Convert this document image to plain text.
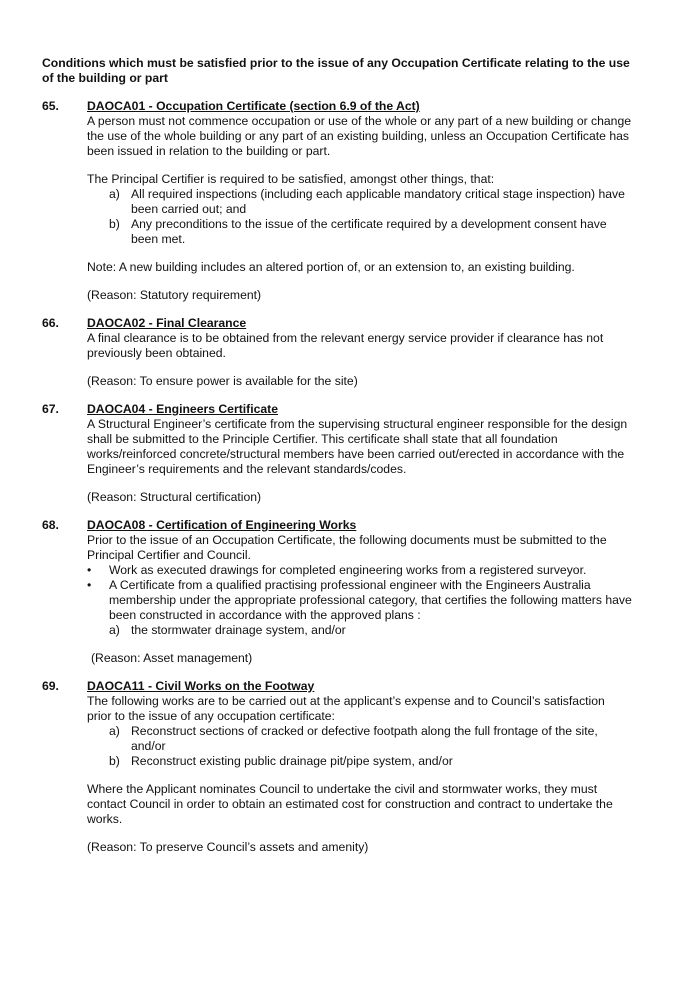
Conditions which must be satisfied prior to the issue of any Occupation Certificate relating to the use of the building or part

65. DAOCA01 - Occupation Certificate (section 6.9 of the Act)

A person must not commence occupation or use of the whole or any part of a new building or change the use of the whole building or any part of an existing building, unless an Occupation Certificate has been issued in relation to the building or part.

The Principal Certifier is required to be satisfied, amongst other things, that:

a) All required inspections (including each applicable mandatory critical stage inspection) have been carried out; and
b) Any preconditions to the issue of the certificate required by a development consent have been met.

Note: A new building includes an altered portion of, or an extension to, an existing building.

(Reason: Statutory requirement)

66. DAOCA02 - Final Clearance

A final clearance is to be obtained from the relevant energy service provider if clearance has not previously been obtained.

(Reason: To ensure power is available for the site)

67. DAOCA04 - Engineers Certificate

A Structural Engineer’s certificate from the supervising structural engineer responsible for the design shall be submitted to the Principle Certifier. This certificate shall state that all foundation works/reinforced concrete/structural members have been carried out/erected in accordance with the Engineer’s requirements and the relevant standards/codes.

(Reason: Structural certification)

68. DAOCA08 - Certification of Engineering Works

Prior to the issue of an Occupation Certificate, the following documents must be submitted to the Principal Certifier and Council.

• Work as executed drawings for completed engineering works from a registered surveyor.
• A Certificate from a qualified practising professional engineer with the Engineers Australia membership under the appropriate professional category, that certifies the following matters have been constructed in accordance with the approved plans :
a) the stormwater drainage system, and/or

(Reason: Asset management)

69. DAOCA11 - Civil Works on the Footway

The following works are to be carried out at the applicant’s expense and to Council’s satisfaction prior to the issue of any occupation certificate:

a) Reconstruct sections of cracked or defective footpath along the full frontage of the site, and/or
b) Reconstruct existing public drainage pit/pipe system, and/or

Where the Applicant nominates Council to undertake the civil and stormwater works, they must contact Council in order to obtain an estimated cost for construction and contract to undertake the works.

(Reason: To preserve Council’s assets and amenity)
